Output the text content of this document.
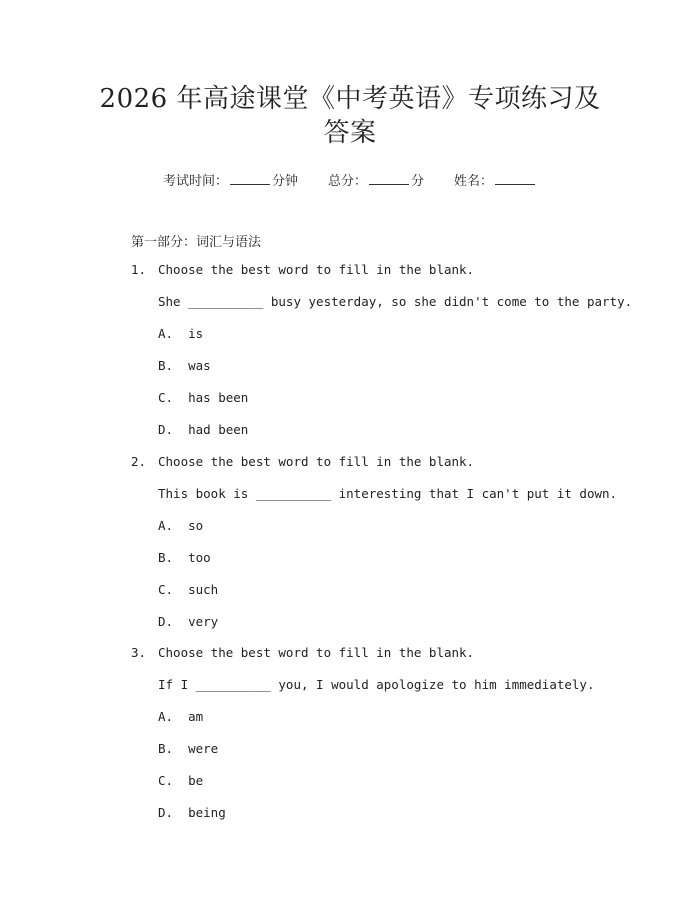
2026 年高途课堂《中考英语》专项练习及答案
考试时间：	分钟 总分：	分 姓名：
第一部分：词汇与语法
1. Choose the best word to fill in the blank.
She __________ busy yesterday, so she didn't come to the party.
A.  is
B.  was
C.  has been
D.  had been
2. Choose the best word to fill in the blank.
This book is __________ interesting that I can't put it down.
A.  so
B.  too
C.  such
D.  very
3. Choose the best word to fill in the blank.
If I __________ you, I would apologize to him immediately.
A.  am
B.  were
C.  be
D.  being
